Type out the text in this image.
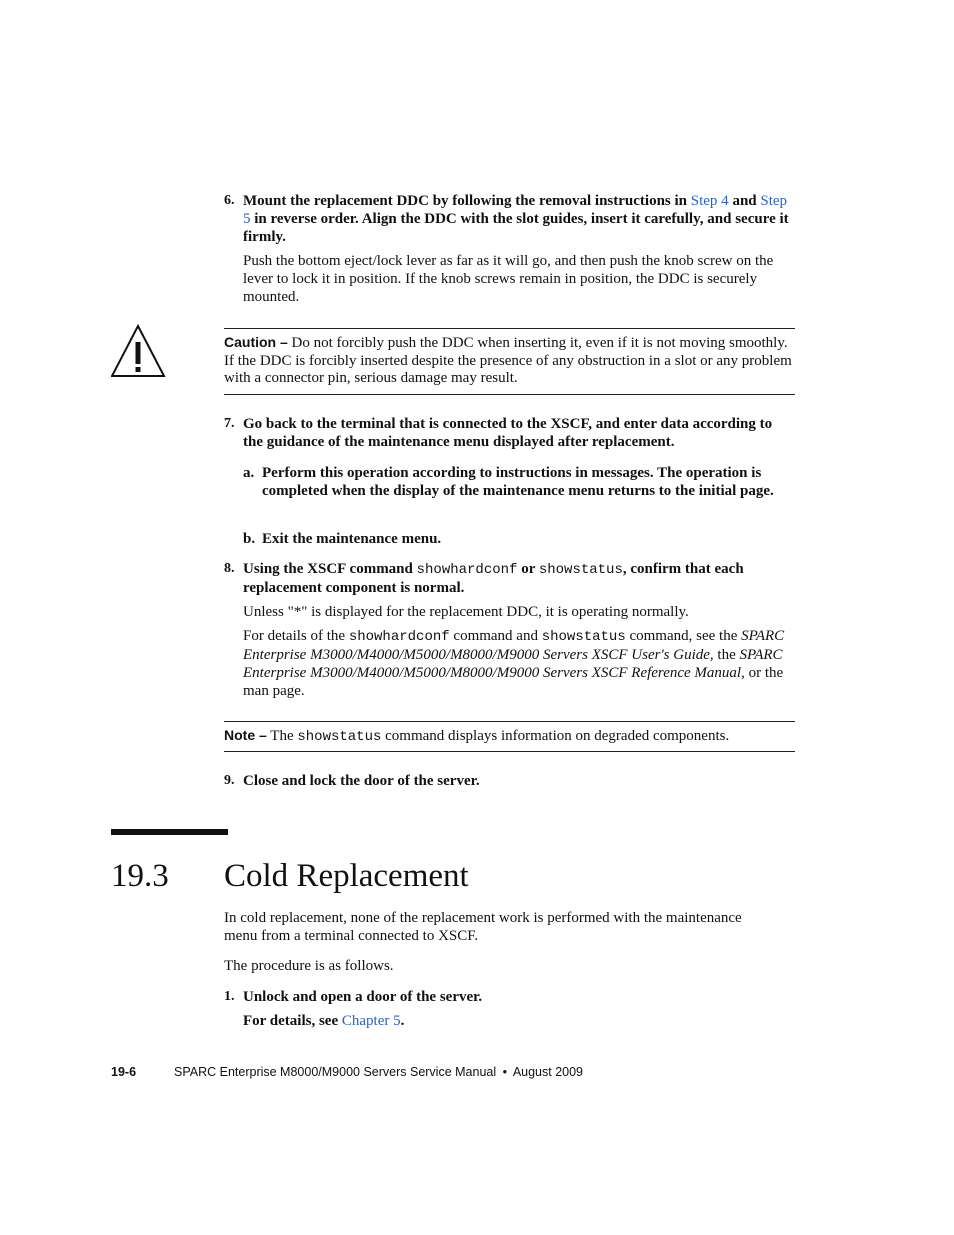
6. Mount the replacement DDC by following the removal instructions in Step 4 and Step 5 in reverse order. Align the DDC with the slot guides, insert it carefully, and secure it firmly.
Push the bottom eject/lock lever as far as it will go, and then push the knob screw on the lever to lock it in position. If the knob screws remain in position, the DDC is securely mounted.
Caution – Do not forcibly push the DDC when inserting it, even if it is not moving smoothly. If the DDC is forcibly inserted despite the presence of any obstruction in a slot or any problem with a connector pin, serious damage may result.
7. Go back to the terminal that is connected to the XSCF, and enter data according to the guidance of the maintenance menu displayed after replacement.
a. Perform this operation according to instructions in messages. The operation is completed when the display of the maintenance menu returns to the initial page.
b. Exit the maintenance menu.
8. Using the XSCF command showhardconf or showstatus, confirm that each replacement component is normal.
Unless "*" is displayed for the replacement DDC, it is operating normally.
For details of the showhardconf command and showstatus command, see the SPARC Enterprise M3000/M4000/M5000/M8000/M9000 Servers XSCF User's Guide, the SPARC Enterprise M3000/M4000/M5000/M8000/M9000 Servers XSCF Reference Manual, or the man page.
Note – The showstatus command displays information on degraded components.
9. Close and lock the door of the server.
19.3 Cold Replacement
In cold replacement, none of the replacement work is performed with the maintenance menu from a terminal connected to XSCF.
The procedure is as follows.
1. Unlock and open a door of the server.
For details, see Chapter 5.
19-6	SPARC Enterprise M8000/M9000 Servers Service Manual • August 2009
